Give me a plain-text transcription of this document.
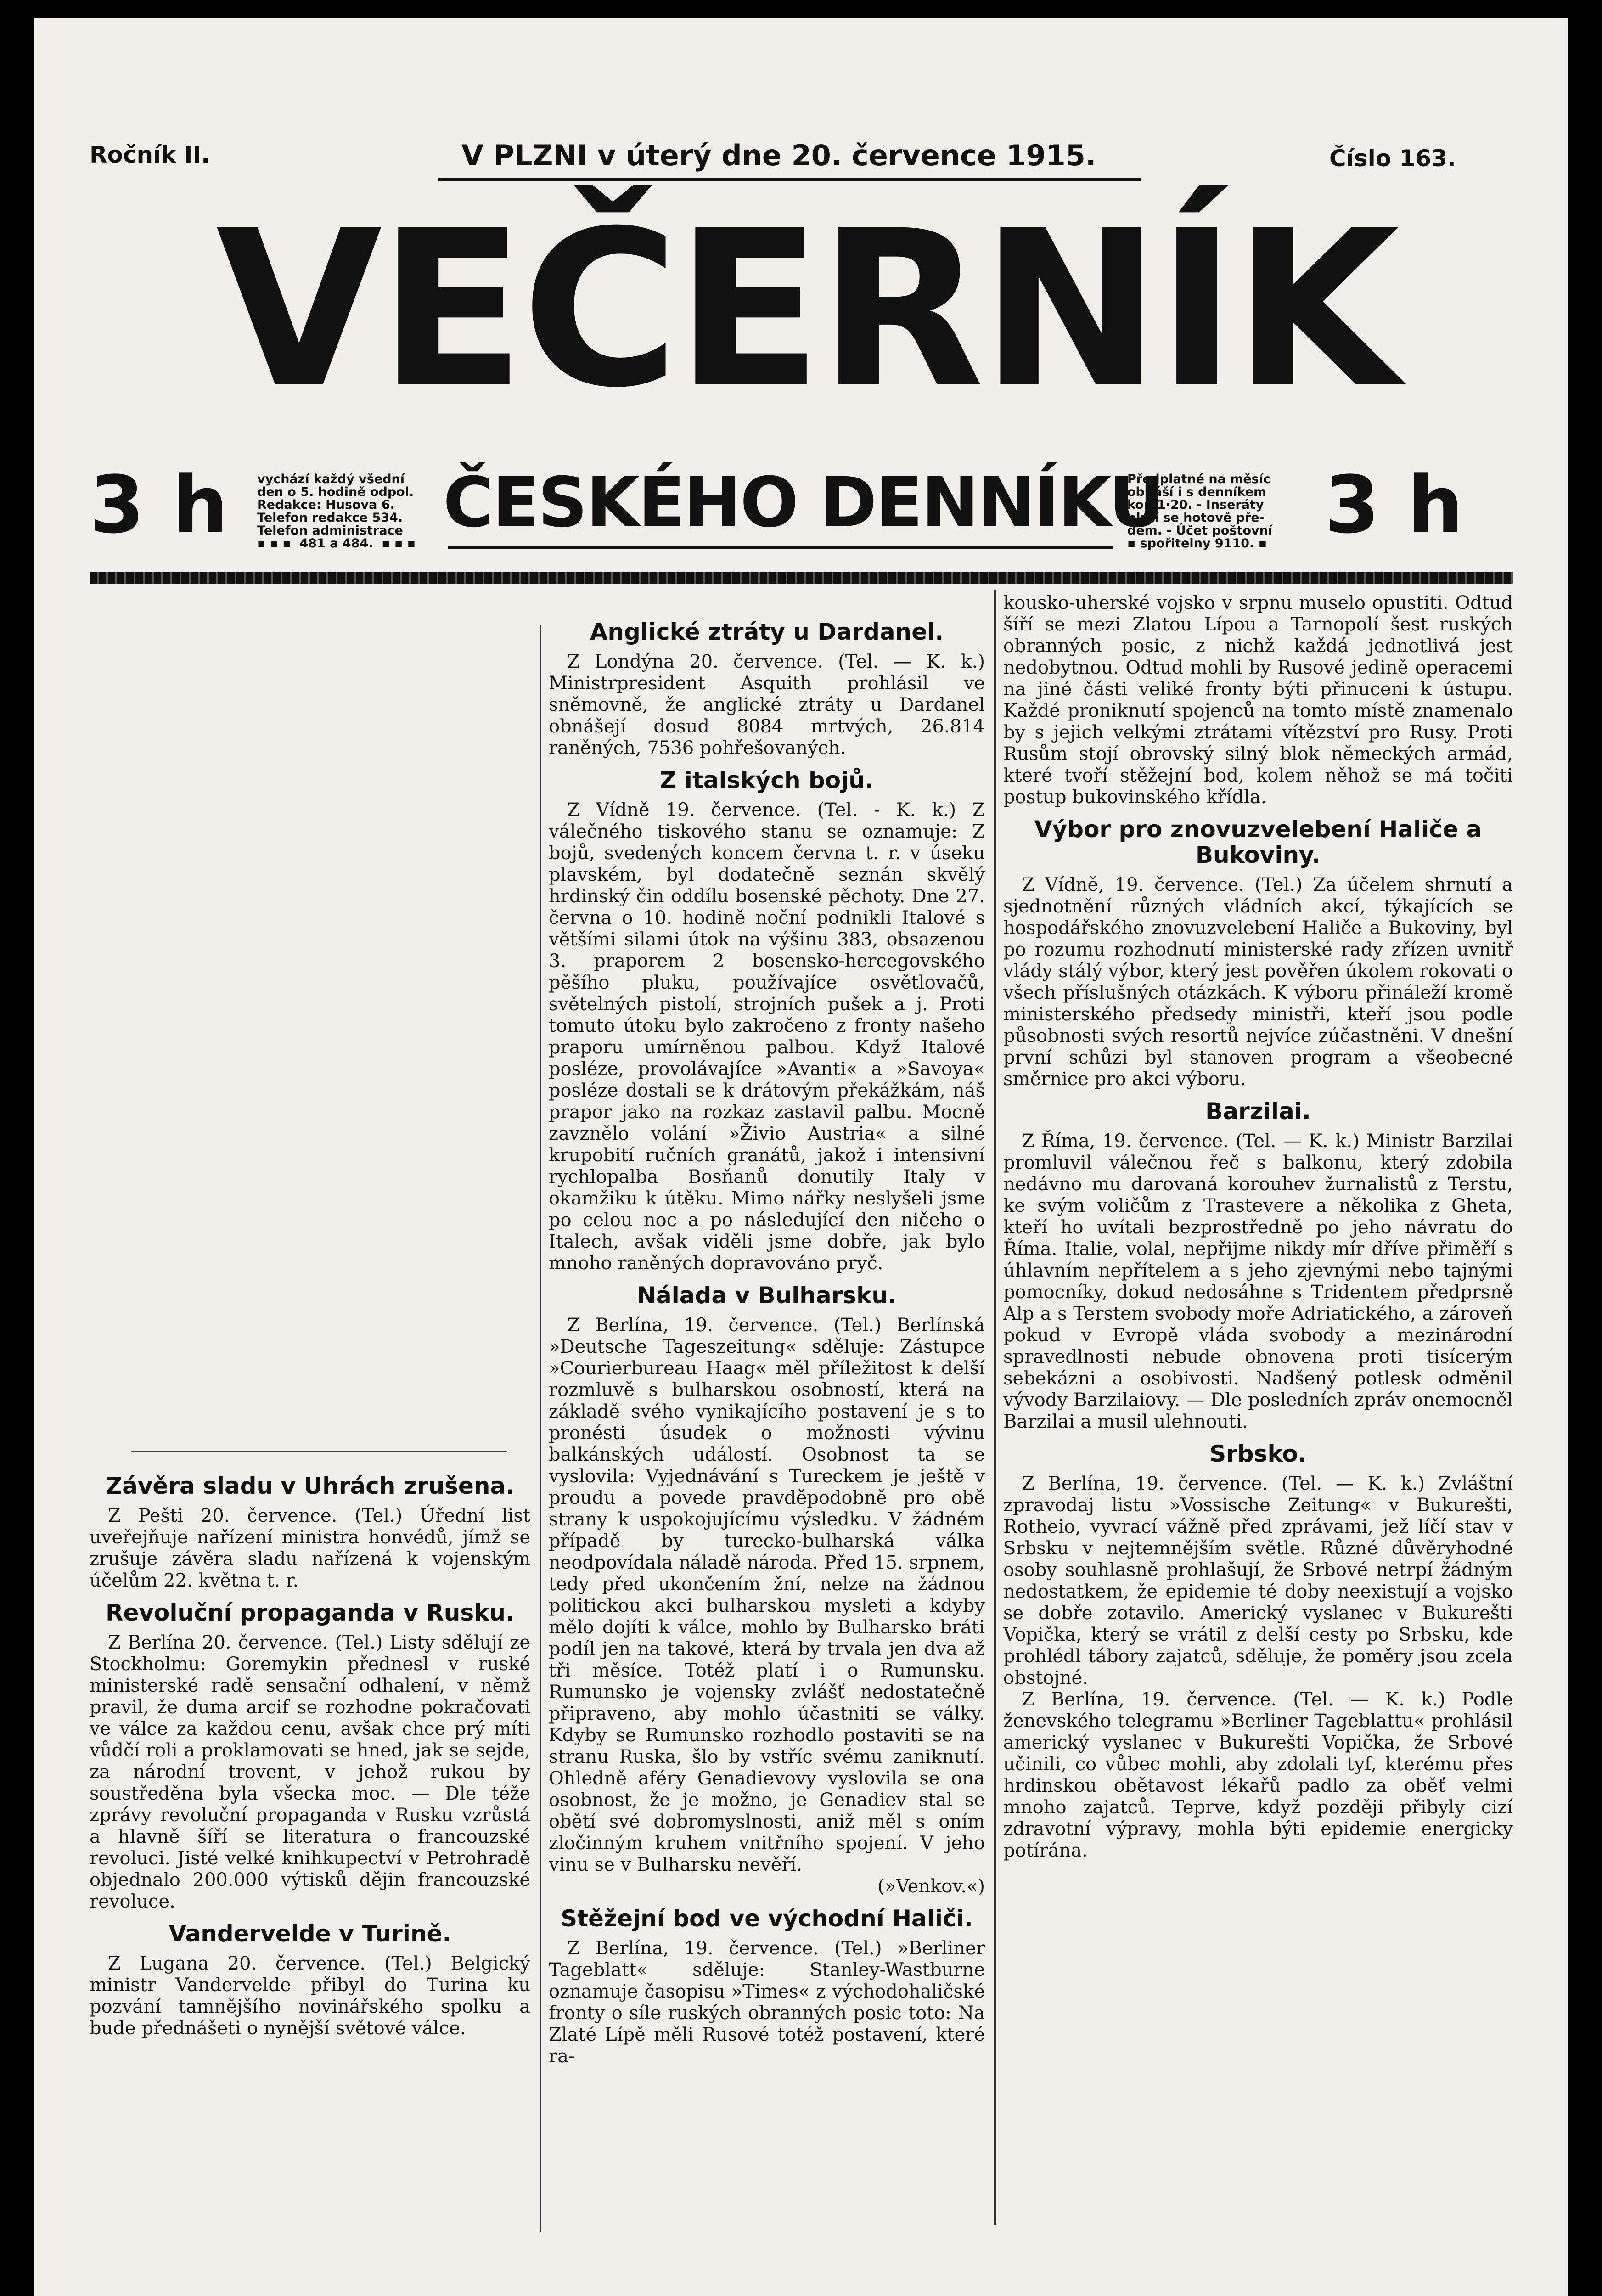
Ročník II.	V PLZNI v úterý dne 20. července 1915.	Číslo 163.
VEČERNÍK
3 h vychází každý všední
den o 5. hodině odpol.
Redakce: Husova 6.
Telefon redakce 534.
Telefon administrace
▪ ▪ ▪  481 a 484.  ▪ ▪ ▪
ČESKÉHO DENNÍKU
Předplatné na měsíc
obnáší i s denníkem
kor. 1·20. - Inseráty
platí se hotově pře-
dem. - Účet poštovní
▪ spořitelny 9110. ▪ 3 h
Závěra sladu v Uhrách zrušena.

Z Pešti 20. července. (Tel.) Úřední list uveřejňuje nařízení ministra honvédů, jímž se zrušuje závěra sladu nařízená k vojenským účelům 22. května t. r.

Revoluční propaganda v Rusku.

Z Berlína 20. července. (Tel.) Listy sdělují ze Stockholmu: Goremykin přednesl v ruské ministerské radě sensační odhalení, v němž pravil, že duma arcif se rozhodne pokračovati ve válce za každou cenu, avšak chce prý míti vůdčí roli a proklamovati se hned, jak se sejde, za národní trovent, v jehož rukou by soustředěna byla všecka moc. — Dle téže zprávy revoluční propaganda v Rusku vzrůstá a hlavně šíří se literatura o francouzské revoluci. Jisté velké knihkupectví v Petrohradě objednalo 200.000 výtisků dějin francouzské revoluce.

Vandervelde v Turině.

Z Lugana 20. července. (Tel.) Belgický ministr Vandervelde přibyl do Turina ku pozvání tamnějšího novinářského spolku a bude přednášeti o nynější světové válce.

Anglické ztráty u Dardanel.

Z Londýna 20. července. (Tel. — K. k.) Ministrpresident Asquith prohlásil ve sněmovně, že anglické ztráty u Dardanel obnášejí dosud 8084 mrtvých, 26.814 raněných, 7536 pohřešovaných.

Z italských bojů.

Z Vídně 19. července. (Tel. - K. k.) Z válečného tiskového stanu se oznamuje: Z bojů, svedených koncem června t. r. v úseku plavském, byl dodatečně seznán skvělý hrdinský čin oddílu bosenské pěchoty. Dne 27. června o 10. hodině noční podnikli Italové s většími silami útok na výšinu 383, obsazenou 3. praporem 2 bosensko-hercegovského pěšího pluku, používajíce osvětlovačů, světelných pistolí, strojních pušek a j. Proti tomuto útoku bylo zakročeno z fronty našeho praporu umírněnou palbou. Když Italové posléze, provolávajíce »Avanti« a »Savoya« posléze dostali se k drátovým překážkám, náš prapor jako na rozkaz zastavil palbu. Mocně zavznělo volání »Živio Austria« a silné krupobití ručních granátů, jakož i intensivní rychlopalba Bosňanů donutily Italy v okamžiku k útěku. Mimo nářky neslyšeli jsme po celou noc a po následující den ničeho o Italech, avšak viděli jsme dobře, jak bylo mnoho raněných dopravováno pryč.

Nálada v Bulharsku.

Z Berlína, 19. července. (Tel.) Berlínská »Deutsche Tageszeitung« sděluje: Zástupce »Courierbureau Haag« měl příležitost k delší rozmluvě s bulharskou osobností, která na základě svého vynikajícího postavení je s to pronésti úsudek o možnosti vývinu balkánských událostí. Osobnost ta se vyslovila: Vyjednávání s Tureckem je ještě v proudu a povede pravděpodobně pro obě strany k uspokojujícímu výsledku. V žádném případě by turecko-bulharská válka neodpovídala náladě národa. Před 15. srpnem, tedy před ukončením žní, nelze na žádnou politickou akci bulharskou mysleti a kdyby mělo dojíti k válce, mohlo by Bulharsko bráti podíl jen na takové, která by trvala jen dva až tři měsíce. Totéž platí i o Rumunsku. Rumunsko je vojensky zvlášť nedostatečně připraveno, aby mohlo účastniti se války. Kdyby se Rumunsko rozhodlo postaviti se na stranu Ruska, šlo by vstříc svému zaniknutí. Ohledně aféry Genadievovy vyslovila se ona osobnost, že je možno, je Genadiev stal se obětí své dobromyslnosti, aniž měl s oním zločinným kruhem vnitřního spojení. V jeho vinu se v Bulharsku nevěří.

(»Venkov.«)
Stěžejní bod ve východní Haliči.

Z Berlína, 19. července. (Tel.) »Berliner Tageblatt« sděluje: Stanley-Wastburne oznamuje časopisu »Times« z východohaličské fronty o síle ruských obranných posic toto: Na Zlaté Lípě měli Rusové totéž postavení, které ra-

kousko-uherské vojsko v srpnu muselo opustiti. Odtud šíří se mezi Zlatou Lípou a Tarnopolí šest ruských obranných posic, z nichž každá jednotlivá jest nedobytnou. Odtud mohli by Rusové jedině operacemi na jiné části veliké fronty býti přinuceni k ústupu. Každé proniknutí spojenců na tomto místě znamenalo by s jejich velkými ztrátami vítězství pro Rusy. Proti Rusům stojí obrovský silný blok německých armád, které tvoří stěžejní bod, kolem něhož se má točiti postup bukovinského křídla.

Výbor pro znovuzvelebení Haliče a Bukoviny.

Z Vídně, 19. července. (Tel.) Za účelem shrnutí a sjednotnění různých vládních akcí, týkajících se hospodářského znovuzvelebení Haliče a Bukoviny, byl po rozumu rozhodnutí ministerské rady zřízen uvnitř vlády stálý výbor, který jest pověřen úkolem rokovati o všech příslušných otázkách. K výboru přináleží kromě ministerského předsedy ministři, kteří jsou podle působnosti svých resortů nejvíce zúčastněni. V dnešní první schůzi byl stanoven program a všeobecné směrnice pro akci výboru.

Barzilai.

Z Říma, 19. července. (Tel. — K. k.) Ministr Barzilai promluvil válečnou řeč s balkonu, který zdobila nedávno mu darovaná korouhev žurnalistů z Terstu, ke svým voličům z Trastevere a několika z Gheta, kteří ho uvítali bezprostředně po jeho návratu do Říma. Italie, volal, nepřijme nikdy mír dříve přiměří s úhlavním nepřítelem a s jeho zjevnými nebo tajnými pomocníky, dokud nedosáhne s Tridentem předprsně Alp a s Terstem svobody moře Adriatického, a zároveň pokud v Evropě vláda svobody a mezinárodní spravedlnosti nebude obnovena proti tisícerým sebekázni a osobivosti. Nadšený potlesk odměnil vývody Barzilaiovy. — Dle posledních zpráv onemocněl Barzilai a musil ulehnouti.

Srbsko.

Z Berlína, 19. července. (Tel. — K. k.) Zvláštní zpravodaj listu »Vossische Zeitung« v Bukurešti, Rotheio, vyvrací vážně před zprávami, jež líčí stav v Srbsku v nejtemnějším světle. Různé důvěryhodné osoby souhlasně prohlašují, že Srbové netrpí žádným nedostatkem, že epidemie té doby neexistují a vojsko se dobře zotavilo. Americký vyslanec v Bukurešti Vopička, který se vrátil z delší cesty po Srbsku, kde prohlédl tábory zajatců, sděluje, že poměry jsou zcela obstojné.

Z Berlína, 19. července. (Tel. — K. k.) Podle ženevského telegramu »Berliner Tageblattu« prohlásil americký vyslanec v Bukurešti Vopička, že Srbové učinili, co vůbec mohli, aby zdolali tyf, kterému přes hrdinskou obětavost lékařů padlo za oběť velmi mnoho zajatců. Teprve, když později přibyly cizí zdravotní výpravy, mohla býti epidemie energicky potírána.
